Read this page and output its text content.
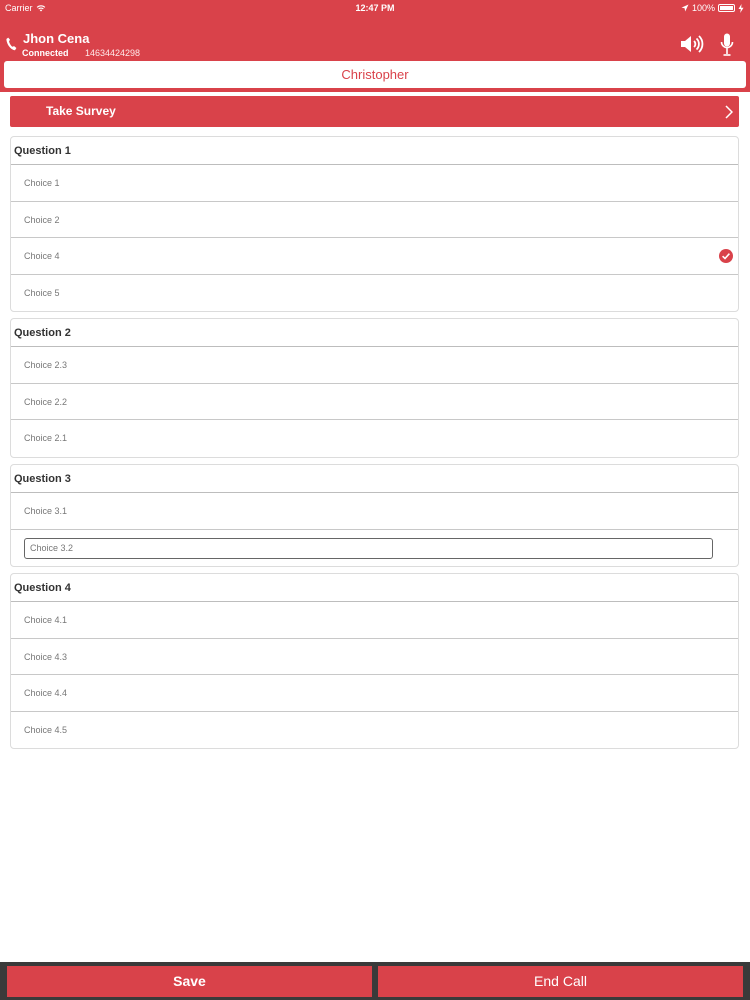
Carrier	12:47 PM	100%
Jhon Cena
Connected 14634424298
Christopher
Take Survey
Question 1
Choice 1
Choice 2
Choice 4
Choice 5
Question 2
Choice 2.3
Choice 2.2
Choice 2.1
Question 3
Choice 3.1
Choice 3.2
Question 4
Choice 4.1
Choice 4.3
Choice 4.4
Choice 4.5
Save	End Call
